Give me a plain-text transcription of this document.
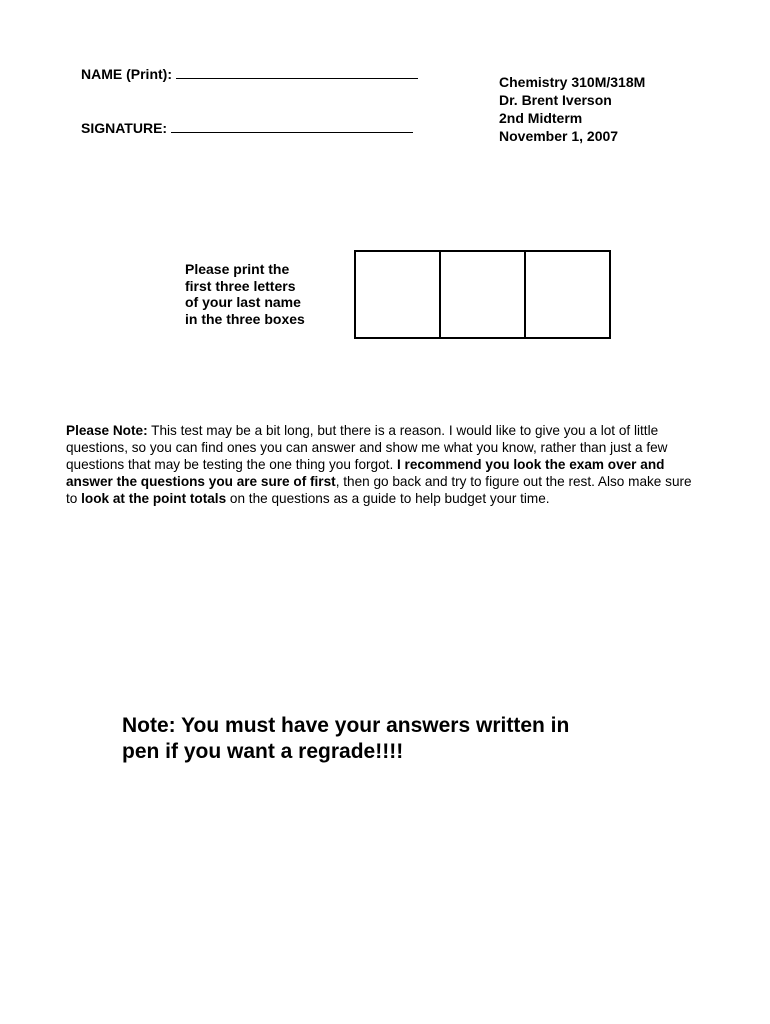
NAME (Print):
SIGNATURE:
Chemistry 310M/318M
Dr. Brent Iverson
2nd Midterm
November 1, 2007
Please print the
first three letters
of your last name
in the three boxes
Please Note: This test may be a bit long, but there is a reason. I would like to give you a lot of little questions, so you can find ones you can answer and show me what you know, rather than just a few questions that may be testing the one thing you forgot. I recommend you look the exam over and answer the questions you are sure of first, then go back and try to figure out the rest. Also make sure to look at the point totals on the questions as a guide to help budget your time.
Note: You must have your answers written in
pen if you want a regrade!!!!
